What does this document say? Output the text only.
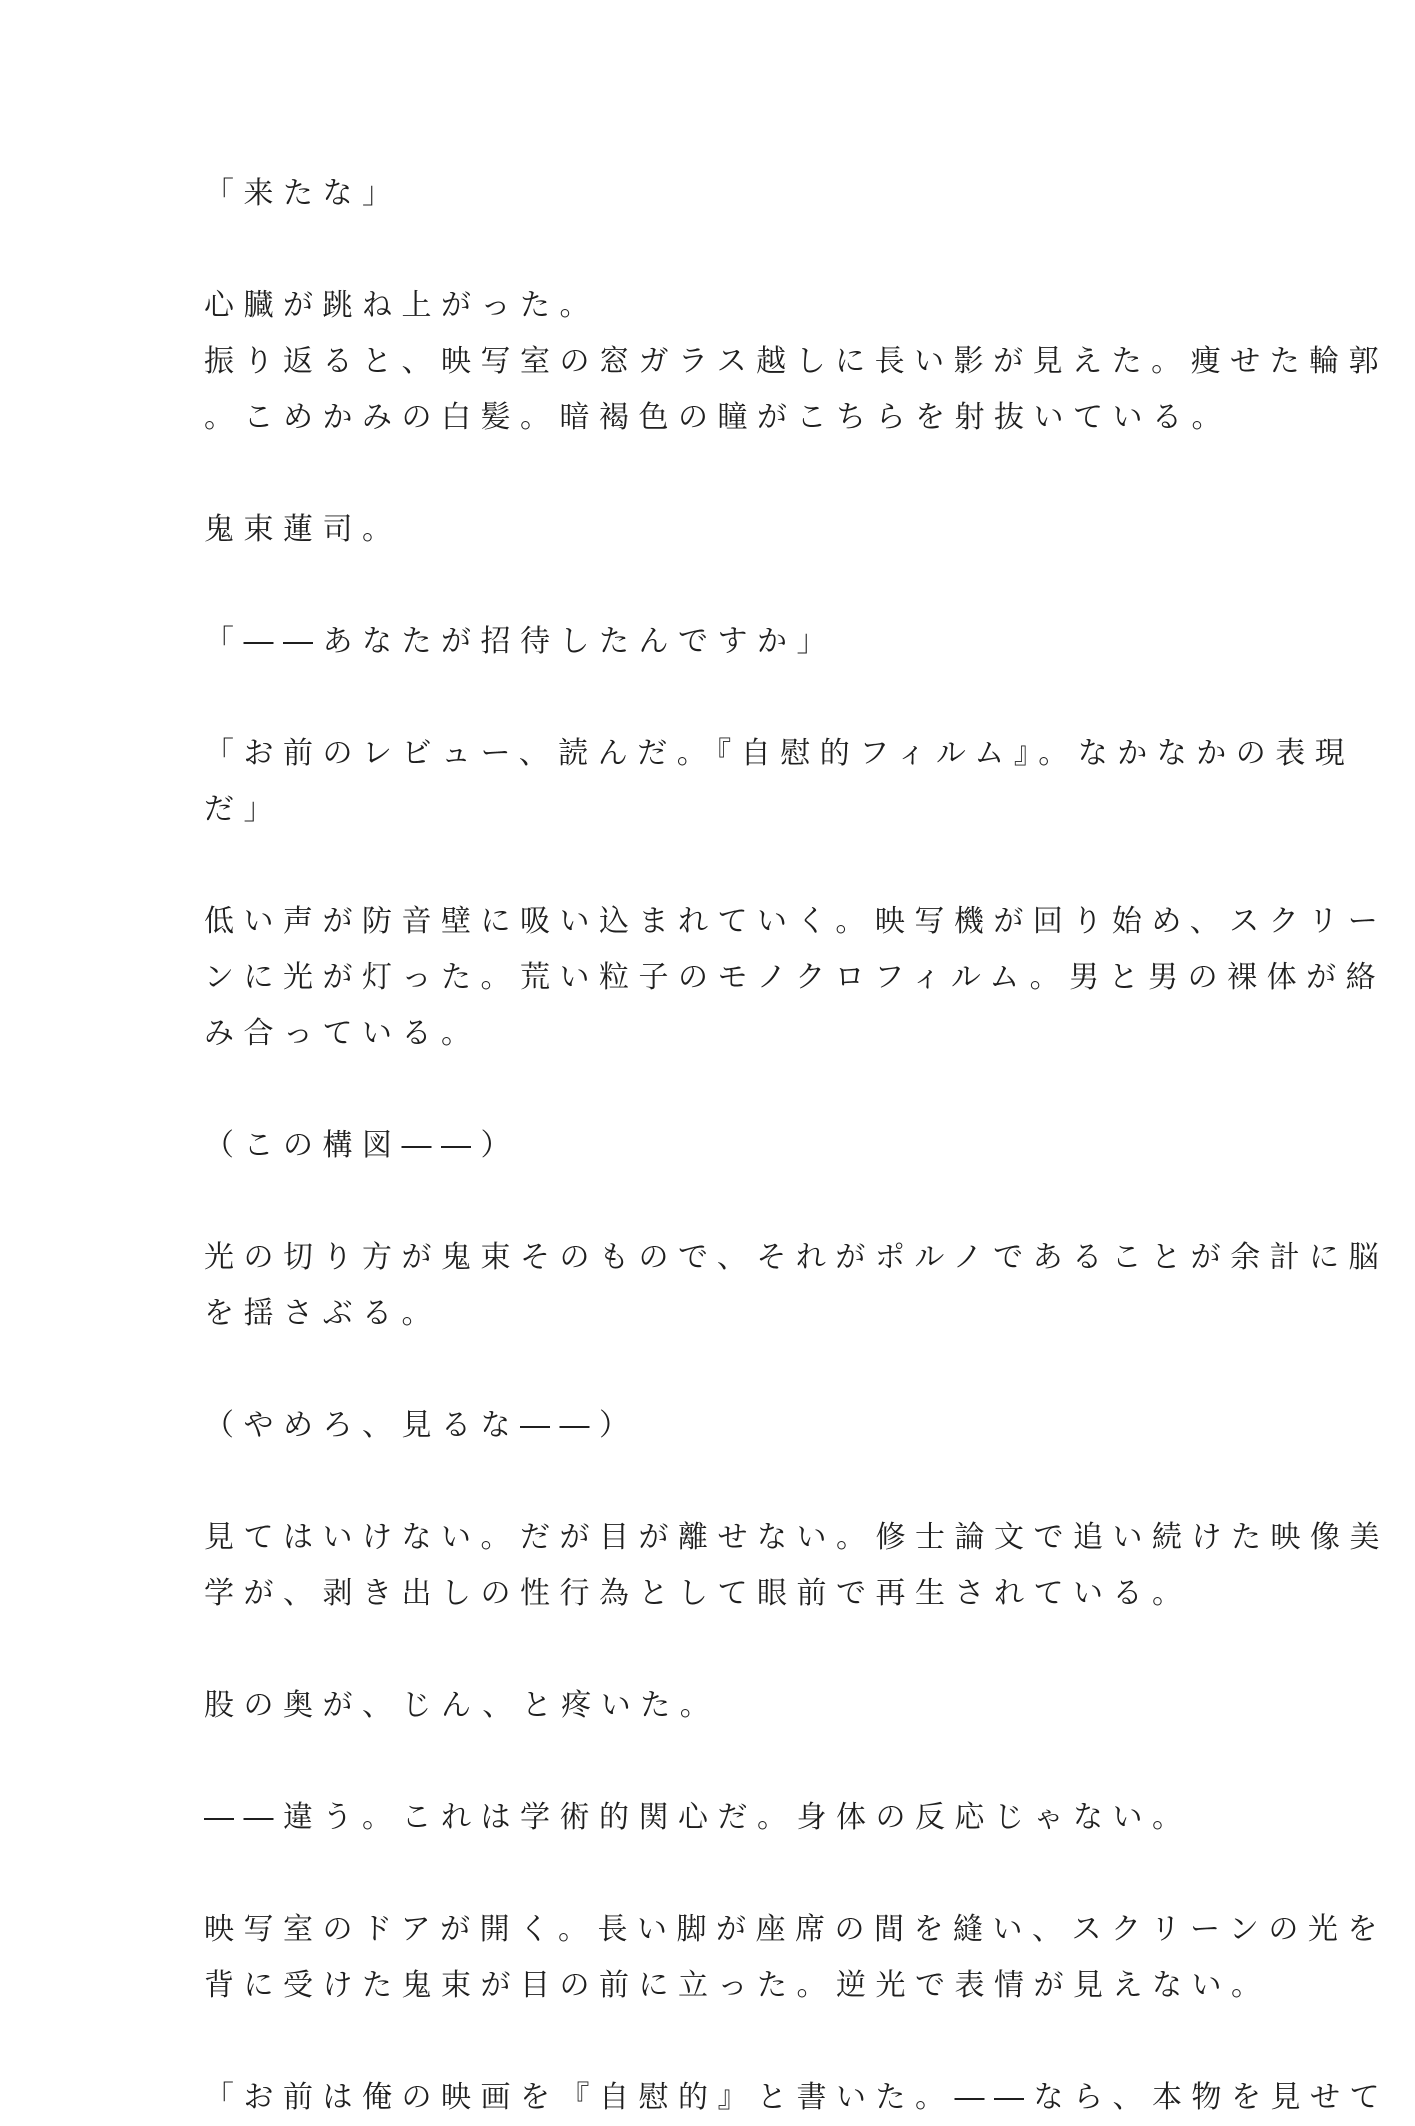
「来たな」
心臓が跳ね上がった。
振り返ると、映写室の窓ガラス越しに長い影が見えた。痩せた輪郭
。こめかみの白髪。暗褐色の瞳がこちらを射抜いている。
鬼束蓮司。
「――あなたが招待したんですか」
「お前のレビュー、読んだ。『自慰的フィルム』。なかなかの表現
だ」
低い声が防音壁に吸い込まれていく。映写機が回り始め、スクリー
ンに光が灯った。荒い粒子のモノクロフィルム。男と男の裸体が絡
み合っている。
（この構図――）
光の切り方が鬼束そのもので、それがポルノであることが余計に脳
を揺さぶる。
（やめろ、見るな――）
見てはいけない。だが目が離せない。修士論文で追い続けた映像美
学が、剥き出しの性行為として眼前で再生されている。
股の奥が、じん、と疼いた。
――違う。これは学術的関心だ。身体の反応じゃない。
映写室のドアが開く。長い脚が座席の間を縫い、スクリーンの光を
背に受けた鬼束が目の前に立った。逆光で表情が見えない。
「お前は俺の映画を『自慰的』と書いた。――なら、本物を見せて
